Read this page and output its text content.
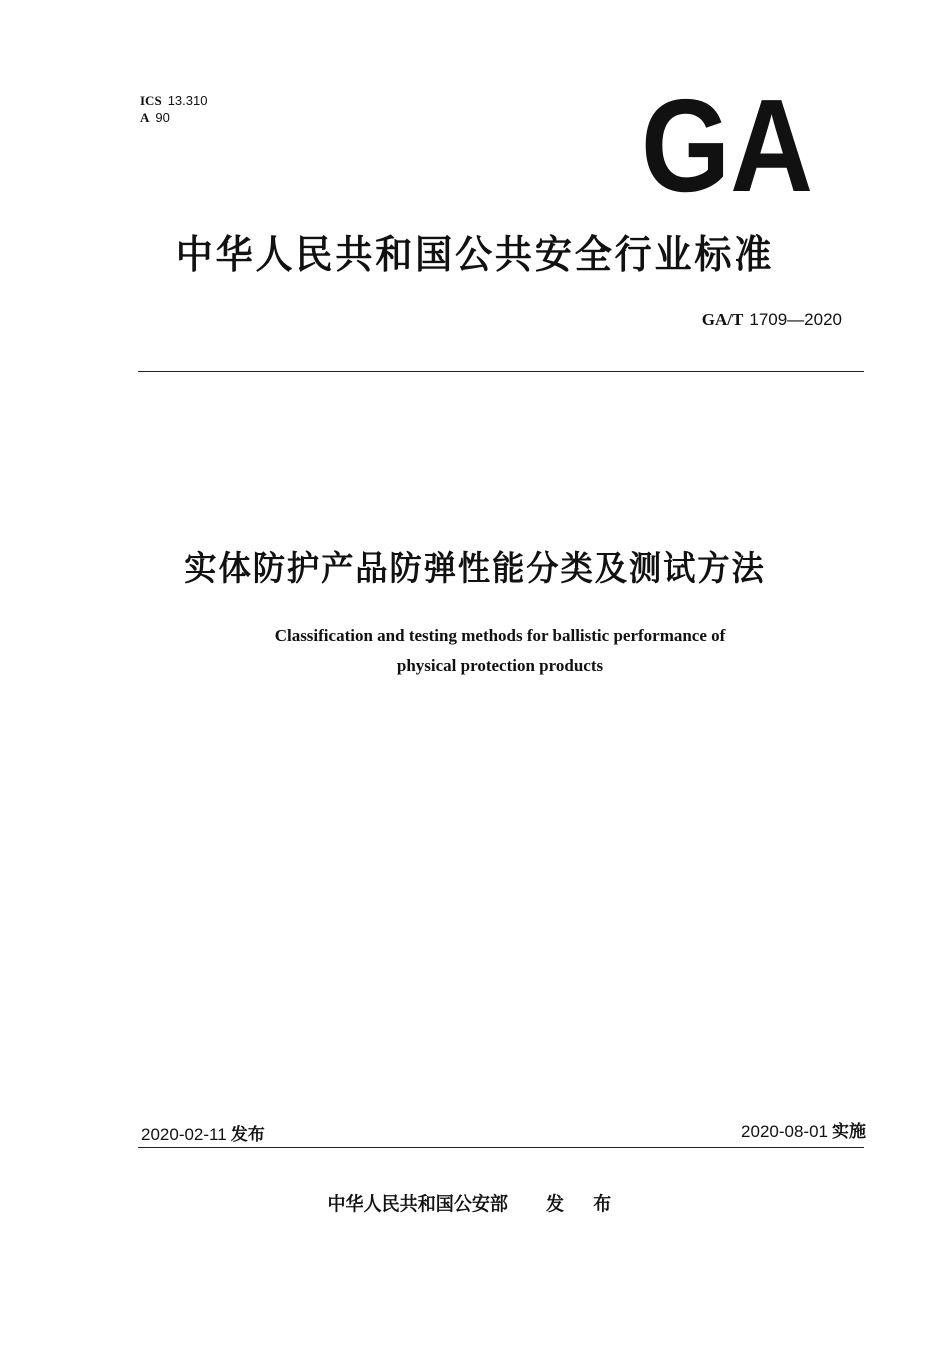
ICS 13.310
A 90	GA
中华人民共和国公共安全行业标准
GA/T 1709—2020
实体防护产品防弹性能分类及测试方法
Classification and testing methods for ballistic performance of
physical protection products
2020-02-11 发布	2020-08-01 实施
中华人民共和国公安部 发 布
